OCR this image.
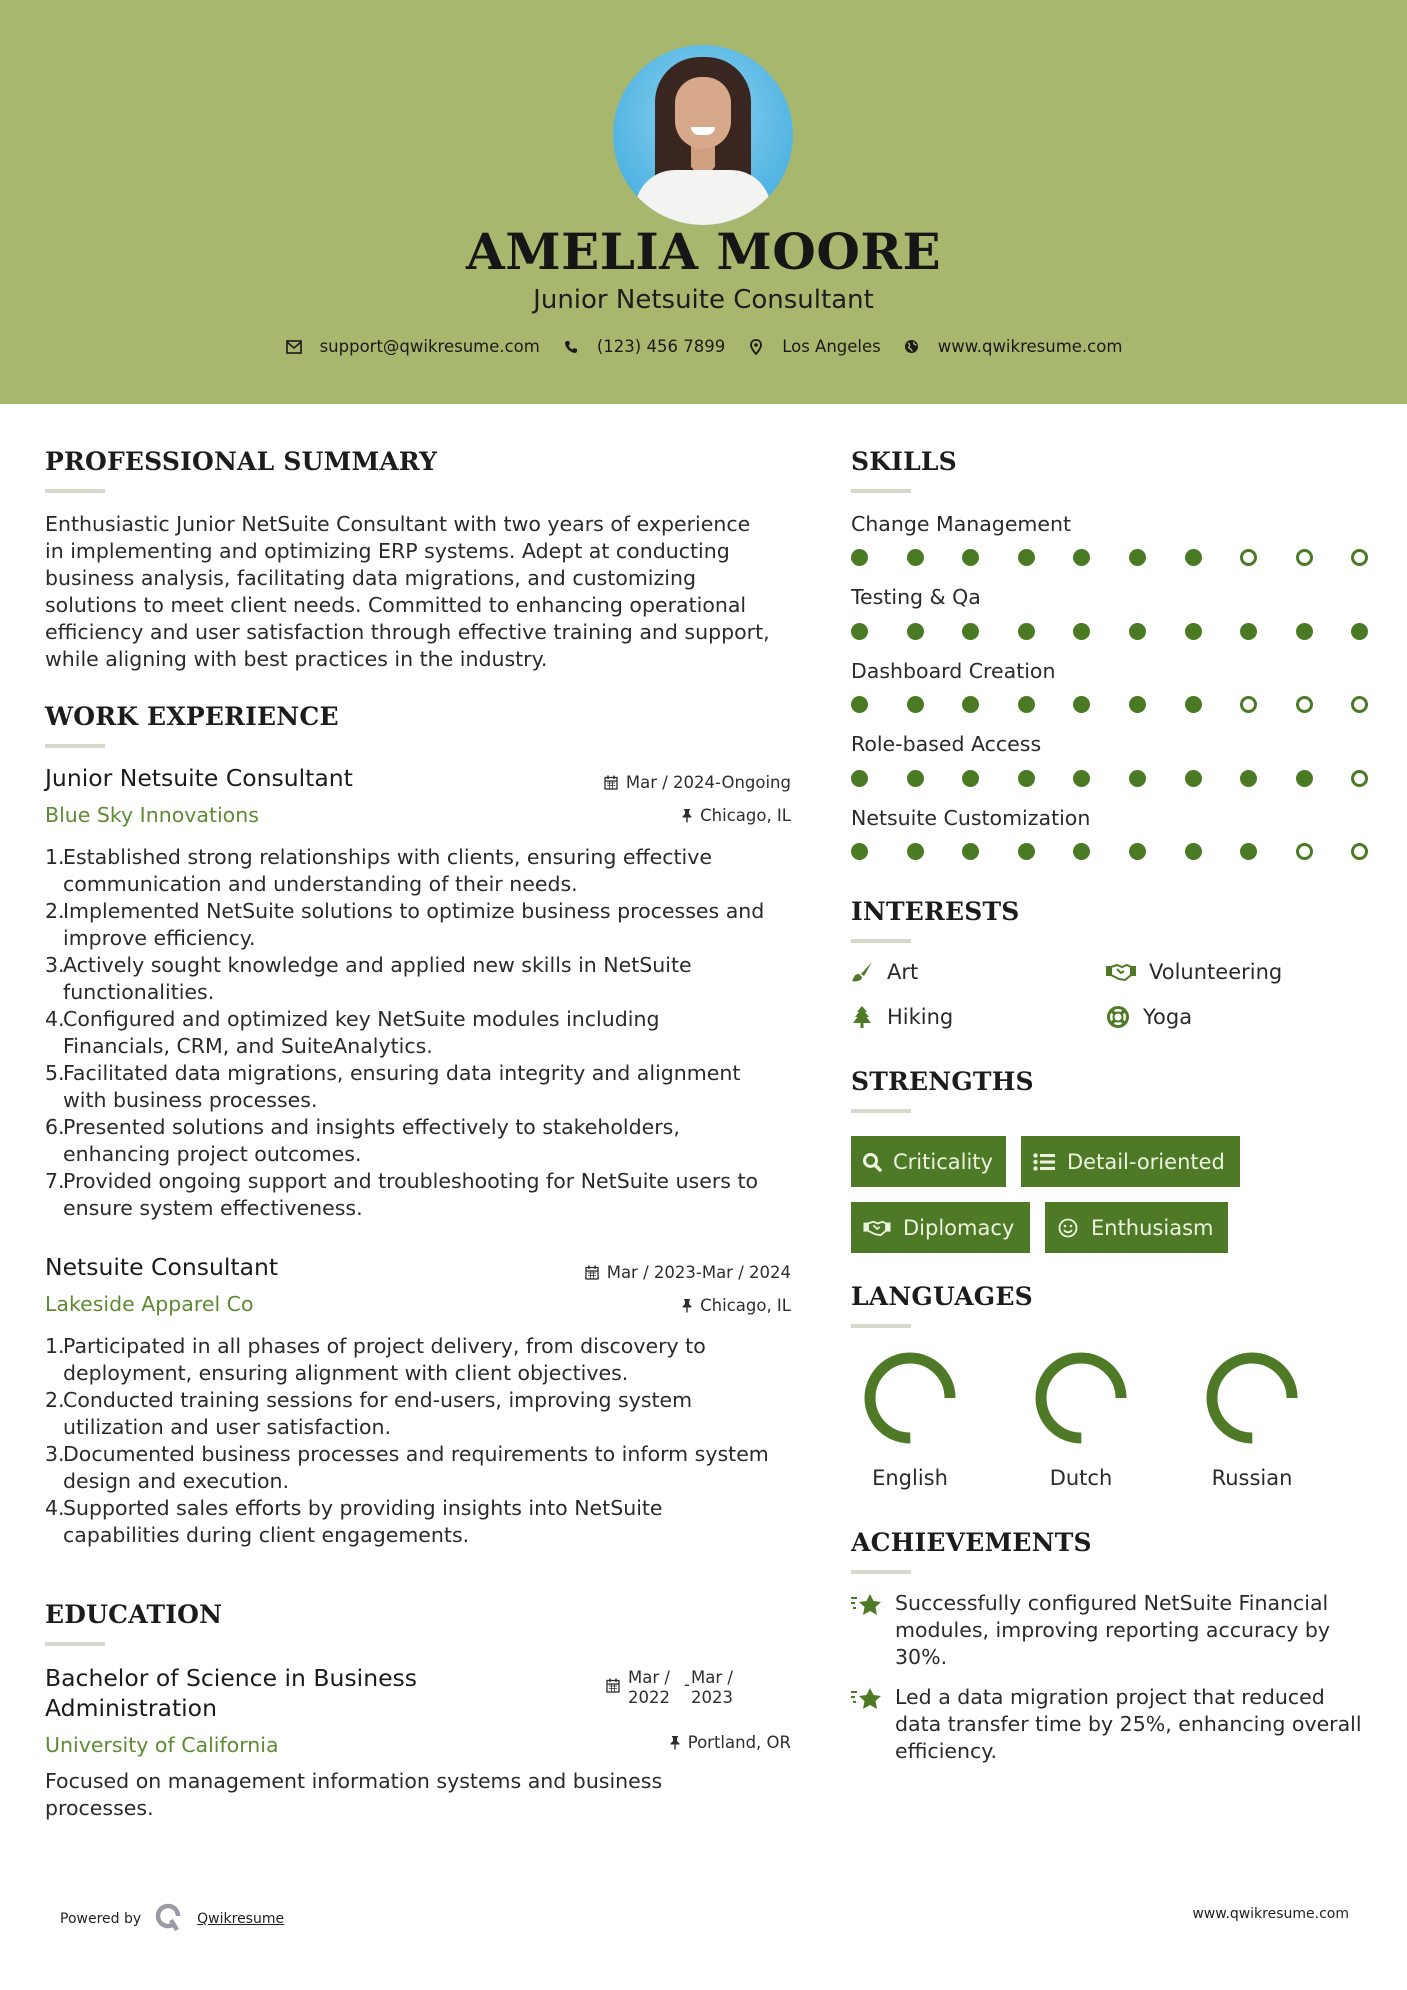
AMELIA MOORE
Junior Netsuite Consultant
support@qwikresume.com	(123) 456 7899	Los Angeles	www.qwikresume.com
PROFESSIONAL SUMMARY
Enthusiastic Junior NetSuite Consultant with two years of experience
in implementing and optimizing ERP systems. Adept at conducting
business analysis, facilitating data migrations, and customizing
solutions to meet client needs. Committed to enhancing operational
efficiency and user satisfaction through effective training and support,
while aligning with best practices in the industry.
WORK EXPERIENCE
Junior Netsuite Consultant	Mar / 2024-Ongoing
Blue Sky Innovations	Chicago, IL
1.
Established strong relationships with clients, ensuring effective
communication and understanding of their needs.
2.
Implemented NetSuite solutions to optimize business processes and
improve efficiency.
3.
Actively sought knowledge and applied new skills in NetSuite
functionalities.
4.
Configured and optimized key NetSuite modules including
Financials, CRM, and SuiteAnalytics.
5.
Facilitated data migrations, ensuring data integrity and alignment
with business processes.
6.
Presented solutions and insights effectively to stakeholders,
enhancing project outcomes.
7.
Provided ongoing support and troubleshooting for NetSuite users to
ensure system effectiveness.
Netsuite Consultant	Mar / 2023-Mar / 2024
Lakeside Apparel Co	Chicago, IL
1.
Participated in all phases of project delivery, from discovery to
deployment, ensuring alignment with client objectives.
2.
Conducted training sessions for end-users, improving system
utilization and user satisfaction.
3.
Documented business processes and requirements to inform system
design and execution.
4.
Supported sales efforts by providing insights into NetSuite
capabilities during client engagements.
EDUCATION
Bachelor of Science in Business
Administration
Mar /
2022
- Mar /
2023
University of California	Portland, OR
Focused on management information systems and business
processes.
SKILLS
Change Management
Testing & Qa
Dashboard Creation
Role-based Access
Netsuite Customization
INTERESTS
Art	Volunteering
Hiking	Yoga
STRENGTHS
Criticality	Detail-oriented
Diplomacy	Enthusiasm
LANGUAGES
English	Dutch	Russian
ACHIEVEMENTS
Successfully configured NetSuite Financial
modules, improving reporting accuracy by
30%.
Led a data migration project that reduced
data transfer time by 25%, enhancing overall
efficiency.
Powered by	Qwikresume	www.qwikresume.com
